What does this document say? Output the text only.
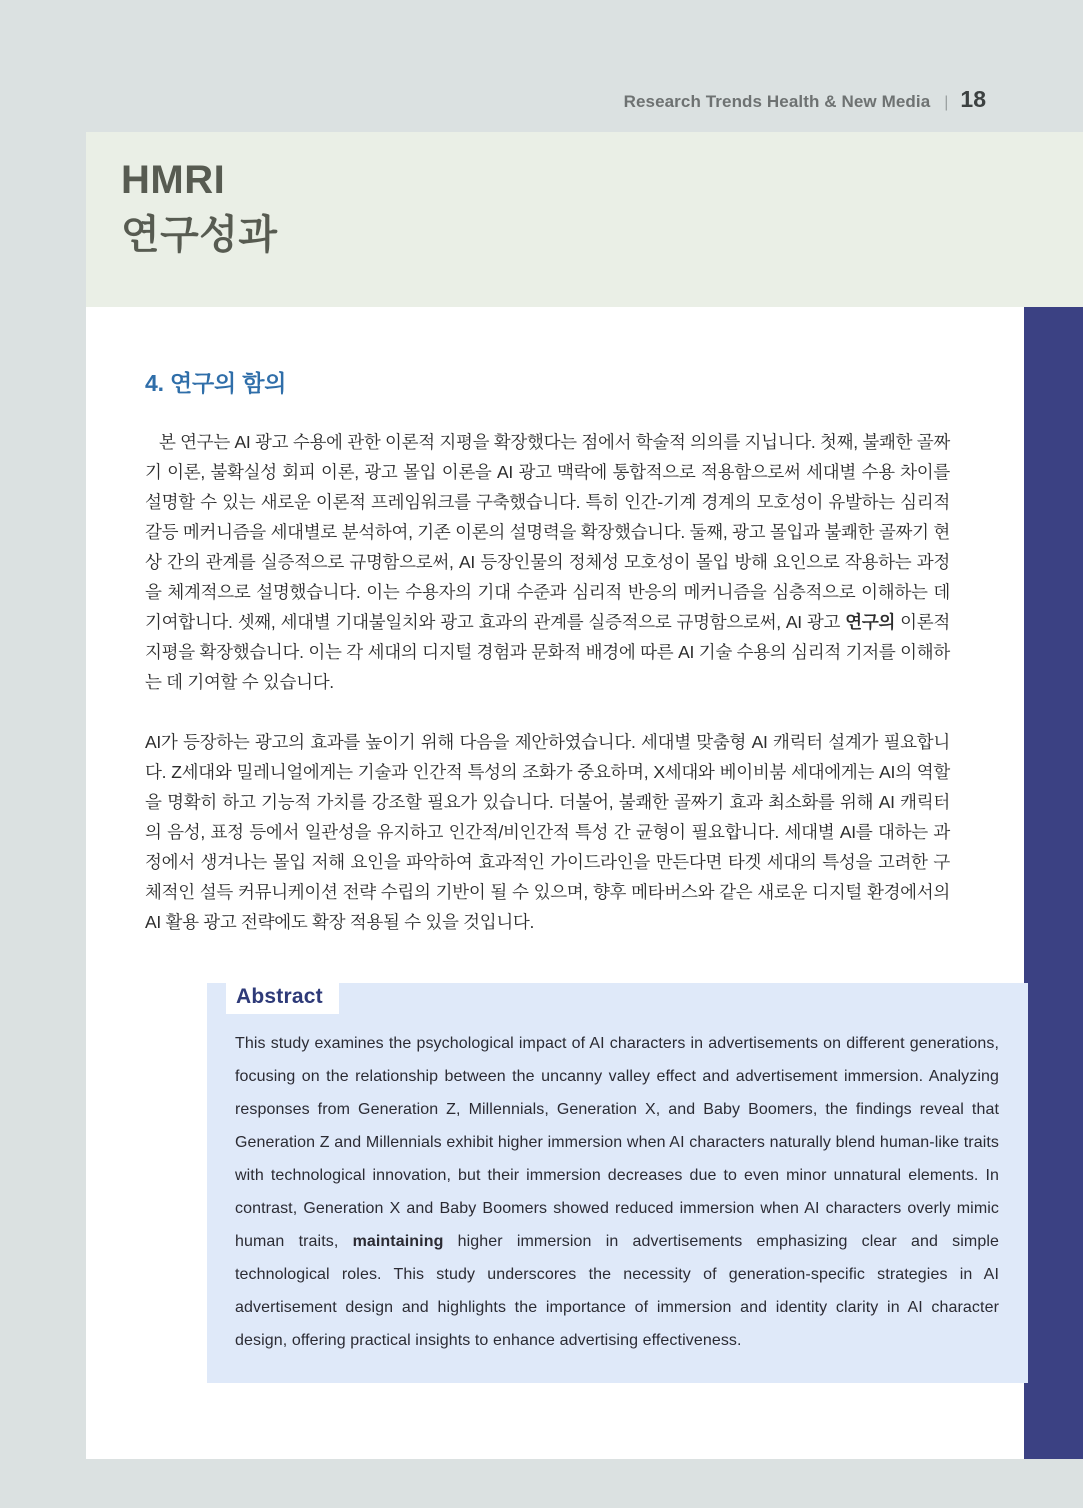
Research Trends Health & New Media | 18
HMRI
연구성과
4. 연구의 함의

본 연구는 AI 광고 수용에 관한 이론적 지평을 확장했다는 점에서 학술적 의의를 지닙니다. 첫째, 불쾌한 골짜기 이론, 불확실성 회피 이론, 광고 몰입 이론을 AI 광고 맥락에 통합적으로 적용함으로써 세대별 수용 차이를 설명할 수 있는 새로운 이론적 프레임워크를 구축했습니다. 특히 인간-기계 경계의 모호성이 유발하는 심리적 갈등 메커니즘을 세대별로 분석하여, 기존 이론의 설명력을 확장했습니다. 둘째, 광고 몰입과 불쾌한 골짜기 현상 간의 관계를 실증적으로 규명함으로써, AI 등장인물의 정체성 모호성이 몰입 방해 요인으로 작용하는 과정을 체계적으로 설명했습니다. 이는 수용자의 기대 수준과 심리적 반응의 메커니즘을 심층적으로 이해하는 데 기여합니다. 셋째, 세대별 기대불일치와 광고 효과의 관계를 실증적으로 규명함으로써, AI 광고 연구의 이론적 지평을 확장했습니다. 이는 각 세대의 디지털 경험과 문화적 배경에 따른 AI 기술 수용의 심리적 기저를 이해하는 데 기여할 수 있습니다.

AI가 등장하는 광고의 효과를 높이기 위해 다음을 제안하였습니다. 세대별 맞춤형 AI 캐릭터 설계가 필요합니다. Z세대와 밀레니얼에게는 기술과 인간적 특성의 조화가 중요하며, X세대와 베이비붐 세대에게는 AI의 역할을 명확히 하고 기능적 가치를 강조할 필요가 있습니다. 더불어, 불쾌한 골짜기 효과 최소화를 위해 AI 캐릭터의 음성, 표정 등에서 일관성을 유지하고 인간적/비인간적 특성 간 균형이 필요합니다. 세대별 AI를 대하는 과정에서 생겨나는 몰입 저해 요인을 파악하여 효과적인 가이드라인을 만든다면 타겟 세대의 특성을 고려한 구체적인 설득 커뮤니케이션 전략 수립의 기반이 될 수 있으며, 향후 메타버스와 같은 새로운 디지털 환경에서의 AI 활용 광고 전략에도 확장 적용될 수 있을 것입니다.

Abstract

This study examines the psychological impact of AI characters in advertisements on different generations, focusing on the relationship between the uncanny valley effect and advertisement immersion. Analyzing responses from Generation Z, Millennials, Generation X, and Baby Boomers, the findings reveal that Generation Z and Millennials exhibit higher immersion when AI characters naturally blend human-like traits with technological innovation, but their immersion decreases due to even minor unnatural elements. In contrast, Generation X and Baby Boomers showed reduced immersion when AI characters overly mimic human traits, maintaining higher immersion in advertisements emphasizing clear and simple technological roles. This study underscores the necessity of generation-specific strategies in AI advertisement design and highlights the importance of immersion and identity clarity in AI character design, offering practical insights to enhance advertising effectiveness.
